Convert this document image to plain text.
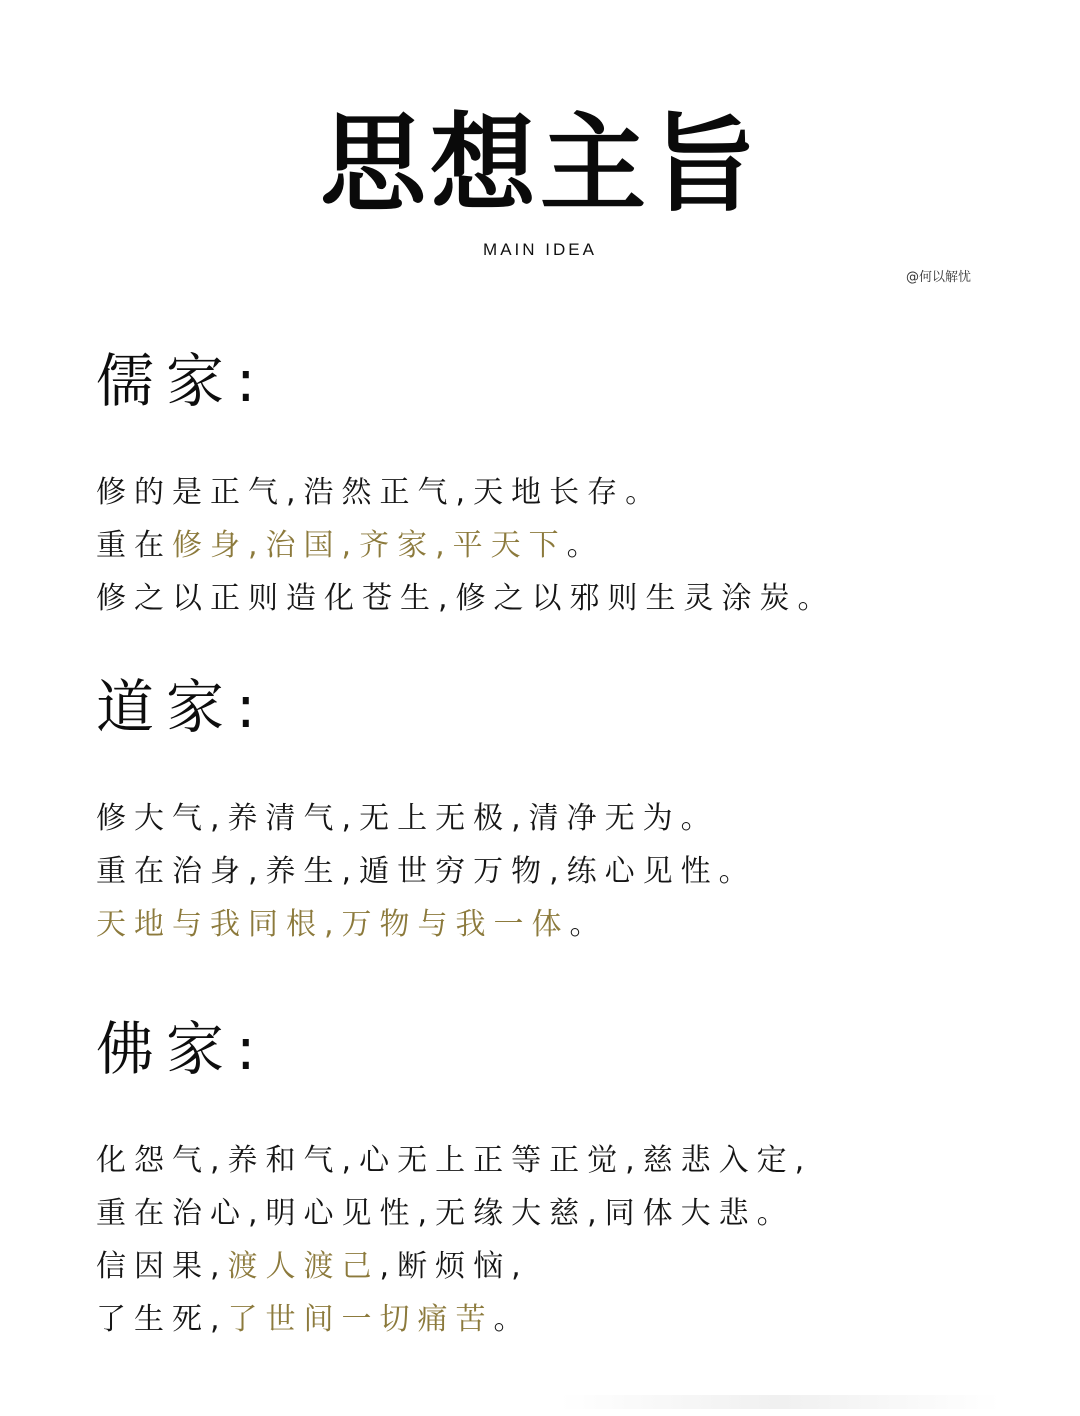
思想主旨
MAIN IDEA
@何以解忧
儒家:
修的是正气,浩然正气,天地长存。
重在修身,治国,齐家,平天下。
修之以正则造化苍生,修之以邪则生灵涂炭。
道家:
修大气,养清气,无上无极,清净无为。
重在治身,养生,遁世穷万物,练心见性。
天地与我同根,万物与我一体。
佛家:
化怨气,养和气,心无上正等正觉,慈悲入定,
重在治心,明心见性,无缘大慈,同体大悲。
信因果,渡人渡己,断烦恼,
了生死,了世间一切痛苦。
